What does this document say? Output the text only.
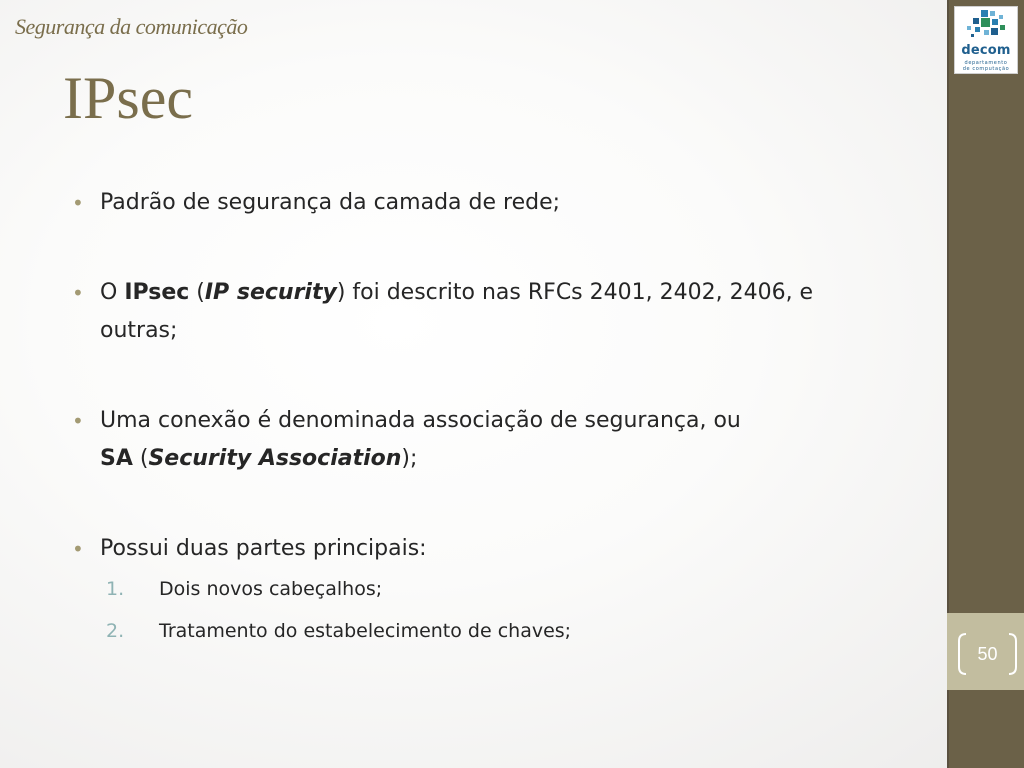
decom
departamento
de computação
50
Segurança da comunicação
IPsec

• Padrão de segurança da camada de rede;

• O IPsec (IP security) foi descrito nas RFCs 2401, 2402, 2406, e
outras;

• Uma conexão é denominada associação de segurança, ou
SA (Security Association);

• Possui duas partes principais:

1. Dois novos cabeçalhos;

2. Tratamento do estabelecimento de chaves;
